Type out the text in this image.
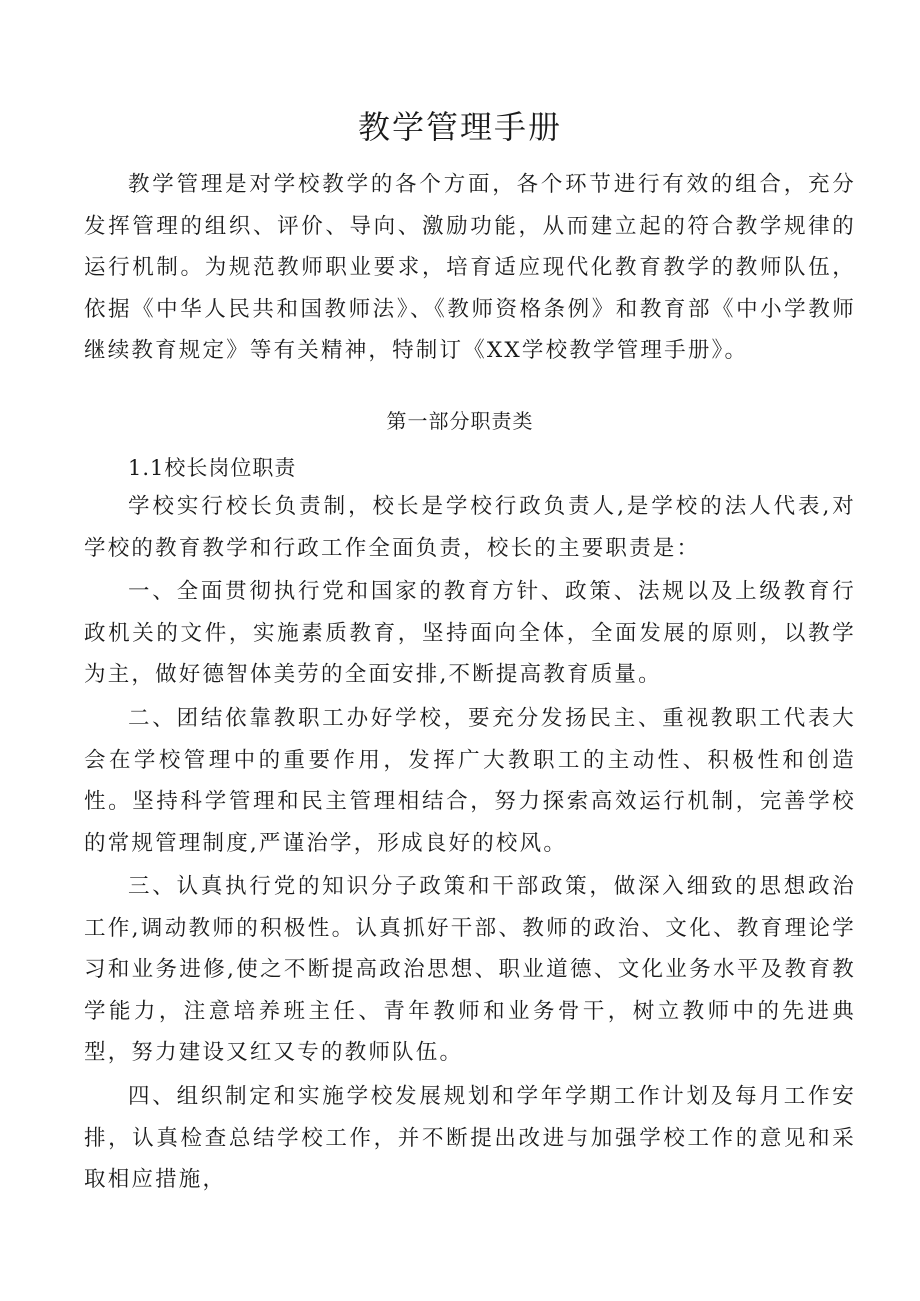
教学管理手册

教学管理是对学校教学的各个方面，各个环节进行有效的组合，充分发挥管理的组织、评价、导向、激励功能，从而建立起的符合教学规律的运行机制。为规范教师职业要求，培育适应现代化教育教学的教师队伍，依据《中华人民共和国教师法》、《教师资格条例》和教育部《中小学教师继续教育规定》等有关精神，特制订《XX学校教学管理手册》。

第一部分职责类
1.1校长岗位职责

学校实行校长负责制，校长是学校行政负责人,是学校的法人代表,对学校的教育教学和行政工作全面负责，校长的主要职责是：

一、全面贯彻执行党和国家的教育方针、政策、法规以及上级教育行政机关的文件，实施素质教育，坚持面向全体，全面发展的原则，以教学为主，做好德智体美劳的全面安排,不断提高教育质量。

二、团结依靠教职工办好学校，要充分发扬民主、重视教职工代表大会在学校管理中的重要作用，发挥广大教职工的主动性、积极性和创造性。坚持科学管理和民主管理相结合，努力探索高效运行机制，完善学校的常规管理制度,严谨治学，形成良好的校风。

三、认真执行党的知识分子政策和干部政策，做深入细致的思想政治工作,调动教师的积极性。认真抓好干部、教师的政治、文化、教育理论学习和业务进修,使之不断提高政治思想、职业道德、文化业务水平及教育教学能力，注意培养班主任、青年教师和业务骨干，树立教师中的先进典型，努力建设又红又专的教师队伍。

四、组织制定和实施学校发展规划和学年学期工作计划及每月工作安排，认真检查总结学校工作，并不断提出改进与加强学校工作的意见和采取相应措施，
